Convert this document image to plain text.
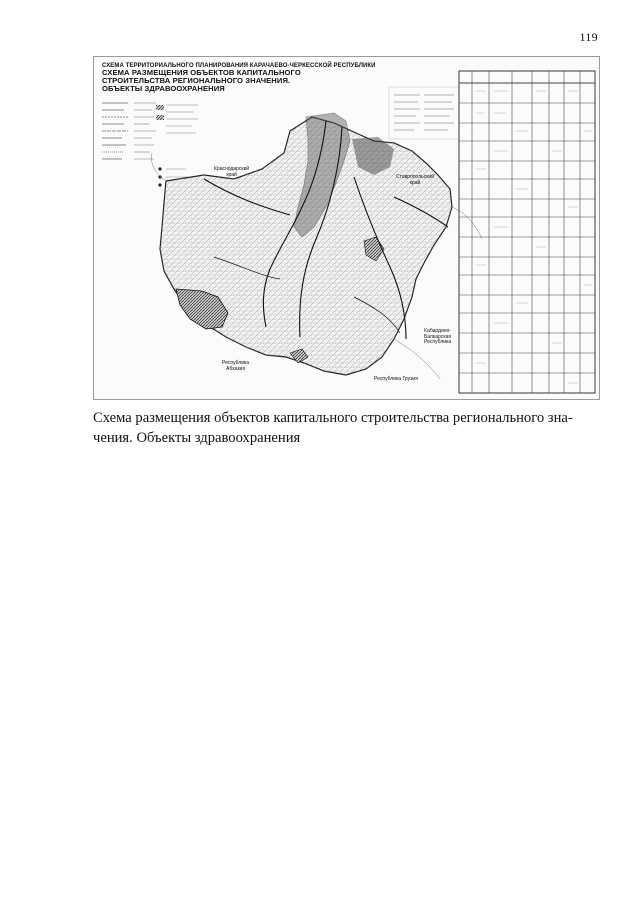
119
СХЕМА ТЕРРИТОРИАЛЬНОГО ПЛАНИРОВАНИЯ КАРАЧАЕВО-ЧЕРКЕССКОЙ РЕСПУБЛИКИ
СХЕМА РАЗМЕЩЕНИЯ ОБЪЕКТОВ КАПИТАЛЬНОГО
СТРОИТЕЛЬСТВА РЕГИОНАЛЬНОГО ЗНАЧЕНИЯ.
ОБЪЕКТЫ ЗДРАВООХРАНЕНИЯ
Краснодарский
край	Ставропольский
край
Кабардино-
Балкарская
Республика
Республика
Абхазия
Республика Грузия
Схема размещения объектов капитального строительства регионального зна-
чения. Объекты здравоохранения
